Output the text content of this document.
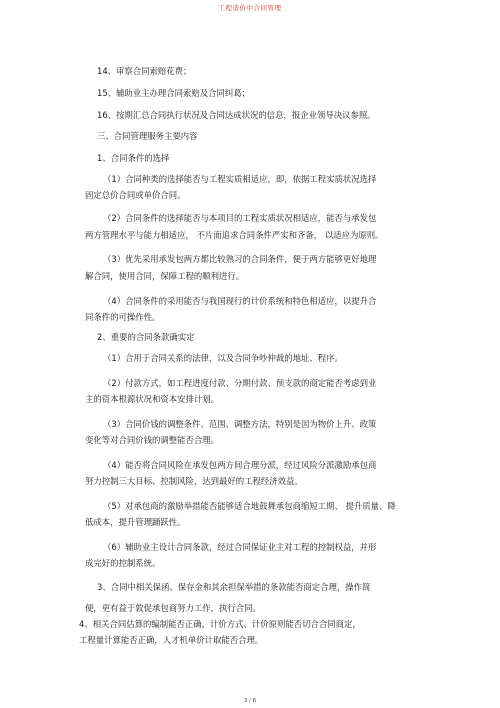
工程造价中合同管理
14、审察合同索赔花费；
15、辅助业主办理合同索赔及合同纠葛；
16、按期汇总合同执行状况及合同达成状况的信息，报企业领导决议参照。
三、合同管理服务主要内容
1、合同条件的选择
（1）合同种类的选择能否与工程实质相适应，即，依据工程实质状况选择
固定总价合同或单价合同。
（2）合同条件的选择能否与本项目的工程实质状况相适应，能否与承发包
两方管理水平与能力相适应， 不片面追求合同条件严实和齐备， 以适应为原则。
（3）优先采用承发包两方都比较熟习的合同条件，便于两方能够更好地理
解合同，使用合同，保障工程的顺利进行。
（4）合同条件的采用能否与我国现行的计价系统和特色相适应，以提升合
同条件的可操作性。
2、重要的合同条款确实定
（1）合用于合同关系的法律，以及合同争吵仲裁的地址、程序。
（2）付款方式，如工程进度付款、分期付款、预支款的商定能否考虑到业
主的资本根源状况和资本安排计划。
（3）合同价钱的调整条件、范围、调整方法，特别是因为物价上升、政策
变化等对合同价钱的调整能否合理。
（4）能否将合同风险在承发包两方间合理分派，经过风险分派激励承包商
努力控制三大目标、控制风险，达到最好的工程经济效益。
（5）对承包商的激励举措能否能够适合地鼓舞承包商缩短工期、 提升质量、降
低成本，提升管理踊跃性。
（6）辅助业主设计合同条款，经过合同保证业主对工程的控制权益，并形
成完好的控制系统。
3、合同中相关保函、保存金和其余担保举措的条款能否商定合理，操作简
便，更有益于敦促承包商努力工作，执行合同。
4、相关合同估算的编制能否正确，计价方式、计价原则能否切合合同商定，
工程量计算能否正确，人才机单价计取能否合理。
3 / 6
